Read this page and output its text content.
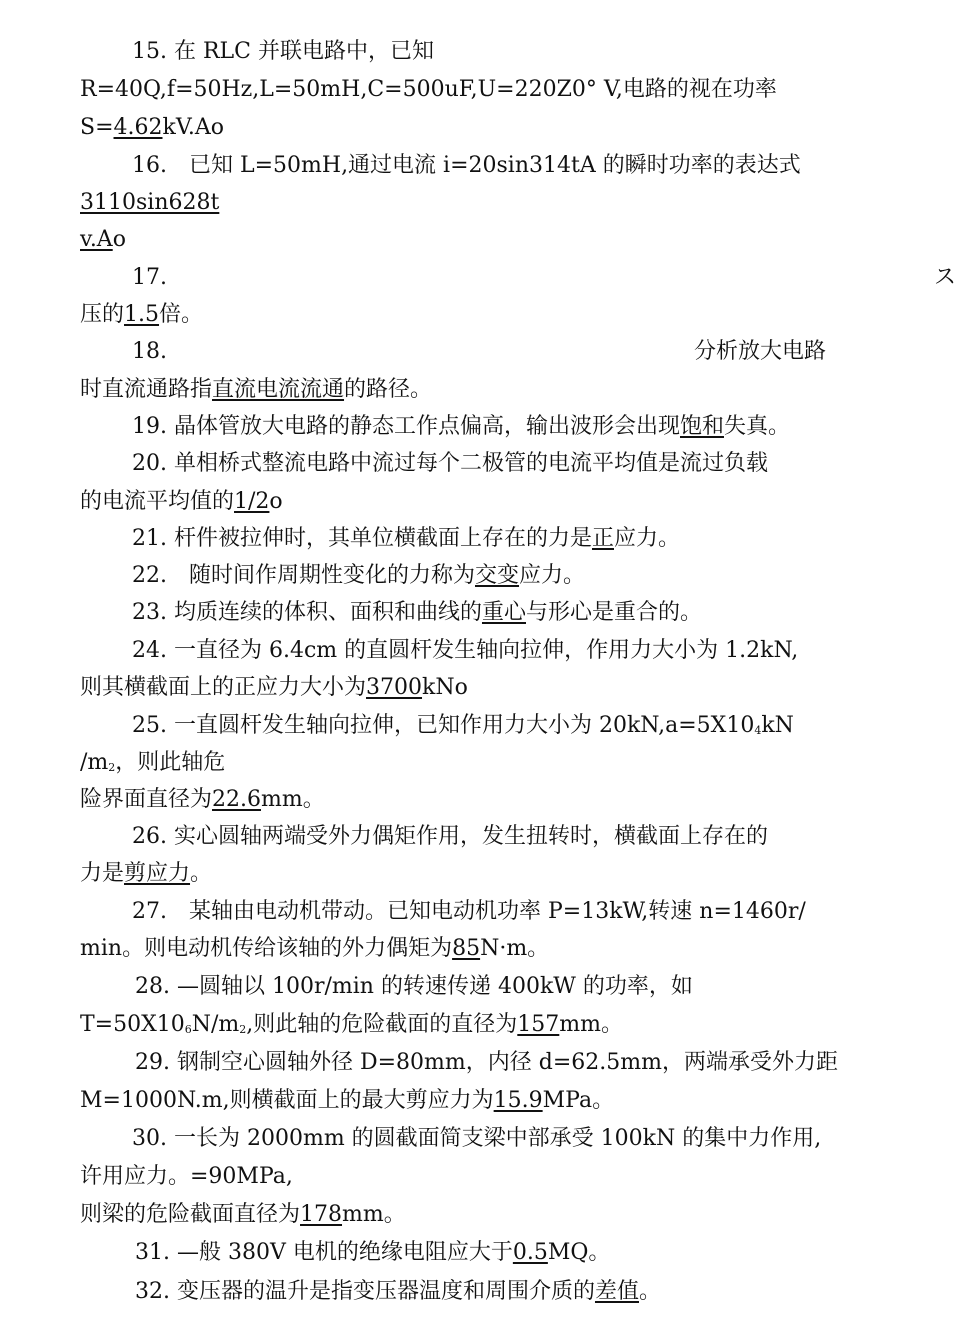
15. 在 RLC 并联电路中，已知
R=40Q,f=50Hz,L=50mH,C=500uF,U=220Z0° V,电路的视在功率
S=4.62kV.Ao
16.　已知 L=50mH,通过电流 i=20sin314tA 的瞬时功率的表达式
3110sin628t
v.Ao
17.	ス
压的1.5倍。
18.	分析放大电路
时直流通路指直流电流流通的路径。
19. 晶体管放大电路的静态工作点偏高，输出波形会出现饱和失真。
20. 单相桥式整流电路中流过每个二极管的电流平均值是流过负载
的电流平均值的1/2o
21. 杆件被拉伸时，其单位横截面上存在的力是正应力。
22.　随时间作周期性变化的力称为交变应力。
23. 均质连续的体积、面积和曲线的重心与形心是重合的。
24. 一直径为 6.4cm 的直圆杆发生轴向拉伸，作用力大小为 1.2kN,
则其横截面上的正应力大小为3700kNo
25. 一直圆杆发生轴向拉伸，已知作用力大小为 20kN,a=5X104kN
/m2，则此轴危
险界面直径为22.6mm。
26. 实心圆轴两端受外力偶矩作用，发生扭转时，横截面上存在的
力是剪应力。
27.　某轴由电动机带动。已知电动机功率 P=13kW,转速 n=1460r/
min。则电动机传给该轴的外力偶矩为85N·m。
28. —圆轴以 100r/min 的转速传递 400kW 的功率，如
T=50X106N/m2,则此轴的危险截面的直径为157mm。
29. 钢制空心圆轴外径 D=80mm，内径 d=62.5mm，两端承受外力距
M=1000N.m,则横截面上的最大剪应力为15.9MPa。
30. 一长为 2000mm 的圆截面简支梁中部承受 100kN 的集中力作用,
许用应力。=90MPa,
则梁的危险截面直径为178mm。
31. —般 380V 电机的绝缘电阻应大于0.5MQ。
32. 变压器的温升是指变压器温度和周围介质的差值。
